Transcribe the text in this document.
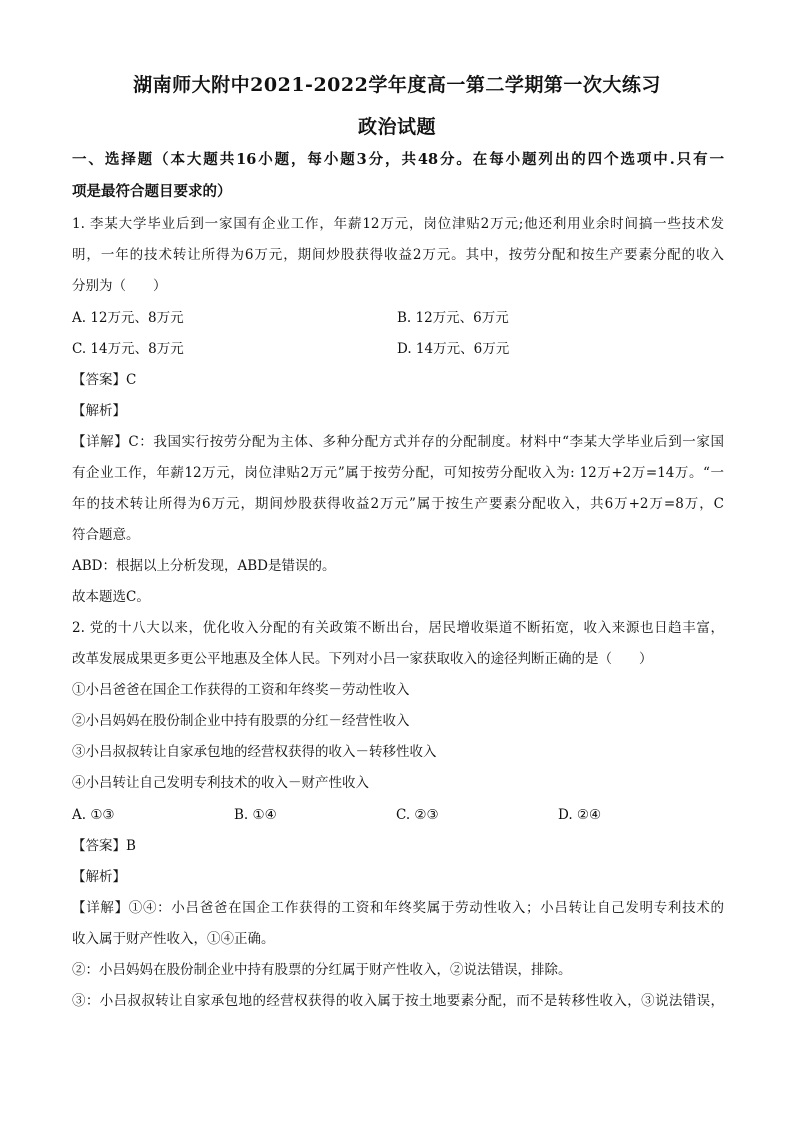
湖南师大附中2021-2022学年度高一第二学期第一次大练习
政治试题
一、选择题（本大题共16小题，每小题3分，共48分。在每小题列出的四个选项中.只有一
项是最符合题目要求的）
1. 李某大学毕业后到一家国有企业工作，年薪12万元，岗位津贴2万元;他还利用业余时间搞一些技术发
明，一年的技术转让所得为6万元，期间炒股获得收益2万元。其中，按劳分配和按生产要素分配的收入
分别为（　　）
A. 12万元、8万元	B. 12万元、6万元
C. 14万元、8万元	D. 14万元、6万元
【答案】C
【解析】
【详解】C：我国实行按劳分配为主体、多种分配方式并存的分配制度。材料中“李某大学毕业后到一家国
有企业工作，年薪12万元，岗位津贴2万元”属于按劳分配，可知按劳分配收入为: 12万+2万=14万。“一
年的技术转让所得为6万元，期间炒股获得收益2万元”属于按生产要素分配收入，共6万+2万=8万，C
符合题意。
ABD：根据以上分析发现，ABD是错误的。
故本题选C。
2. 党的十八大以来，优化收入分配的有关政策不断出台，居民增收渠道不断拓宽，收入来源也日趋丰富，
改革发展成果更多更公平地惠及全体人民。下列对小吕一家获取收入的途径判断正确的是（　　）
①小吕爸爸在国企工作获得的工资和年终奖－劳动性收入
②小吕妈妈在股份制企业中持有股票的分红－经营性收入
③小吕叔叔转让自家承包地的经营权获得的收入－转移性收入
④小吕转让自己发明专利技术的收入－财产性收入
A. ①③	B. ①④	C. ②③	D. ②④
【答案】B
【解析】
【详解】①④：小吕爸爸在国企工作获得的工资和年终奖属于劳动性收入；小吕转让自己发明专利技术的
收入属于财产性收入，①④正确。
②：小吕妈妈在股份制企业中持有股票的分红属于财产性收入，②说法错误，排除。
③：小吕叔叔转让自家承包地的经营权获得的收入属于按土地要素分配，而不是转移性收入，③说法错误，
